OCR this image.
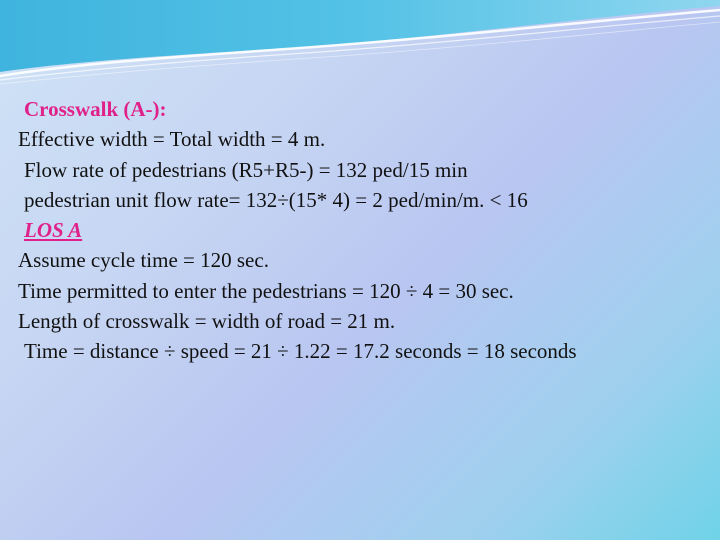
Crosswalk (A-):
Effective width = Total width = 4 m.
Flow rate of pedestrians (R5+R5-) = 132 ped/15 min
pedestrian unit flow rate= 132÷(15* 4) = 2 ped/min/m. < 16
LOS A
Assume cycle time = 120 sec.
Time permitted to enter the pedestrians = 120 ÷ 4 = 30 sec.
Length of crosswalk = width of road = 21 m.
Time = distance ÷ speed = 21 ÷ 1.22 = 17.2 seconds = 18 seconds
